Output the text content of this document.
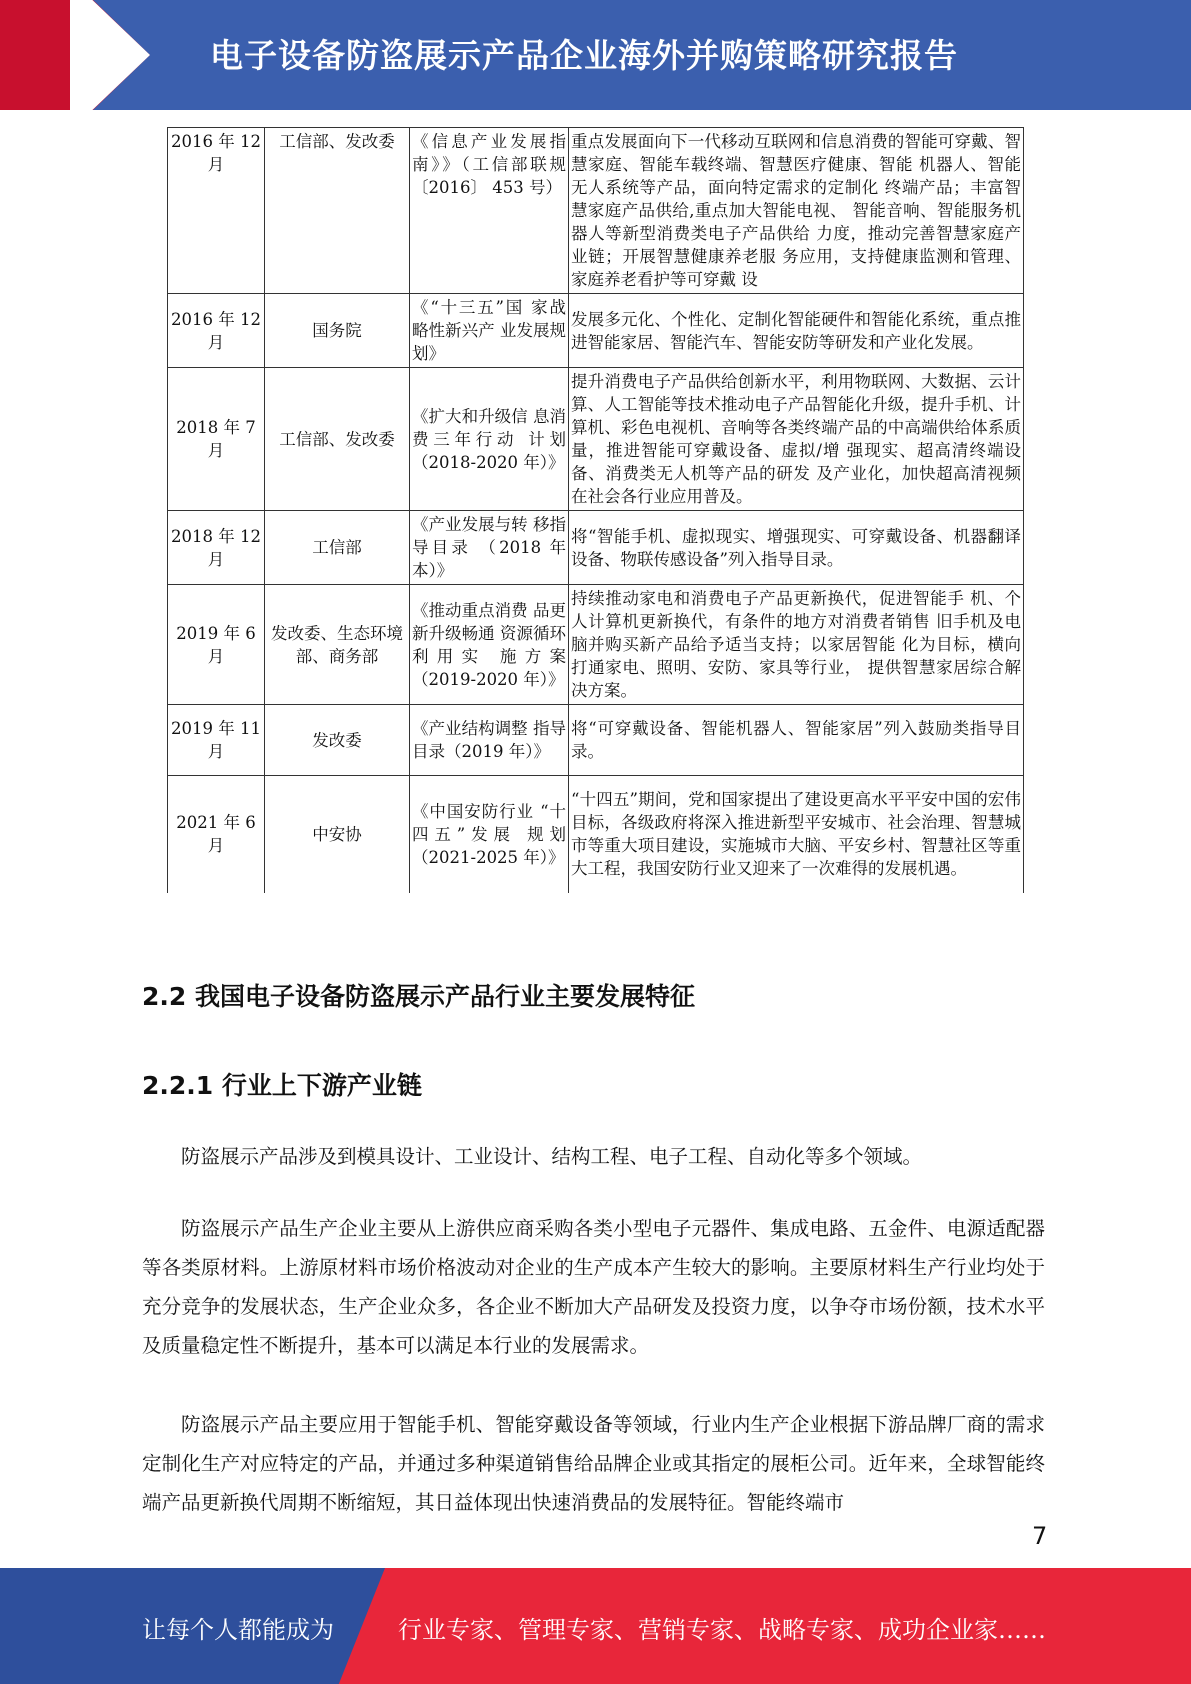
电子设备防盗展示产品企业海外并购策略研究报告
2016 年 12 月	工信部、发改委	《信息产业发展指南》》（工信部联规〔2016〕 453 号）	重点发展面向下一代移动互联网和信息消费的智能可穿戴、智慧家庭、智能车载终端、智慧医疗健康、智能 机器人、智能无人系统等产品，面向特定需求的定制化 终端产品；丰富智慧家庭产品供给,重点加大智能电视、 智能音响、智能服务机器人等新型消费类电子产品供给 力度，推动完善智慧家庭产业链；开展智慧健康养老服 务应用，支持健康监测和管理、家庭养老看护等可穿戴 设
2016 年 12 月	国务院	《“十三五”国 家战略性新兴产 业发展规划》	发展多元化、个性化、定制化智能硬件和智能化系统，重点推进智能家居、智能汽车、智能安防等研发和产业化发展。
2018 年 7 月	工信部、发改委	《扩大和升级信 息消费三年行动 计划（2018-2020 年）》	提升消费电子产品供给创新水平，利用物联网、大数据、云计算、人工智能等技术推动电子产品智能化升级，提升手机、计算机、彩色电视机、音响等各类终端产品的中高端供给体系质量，推进智能可穿戴设备、虚拟/增 强现实、超高清终端设备、消费类无人机等产品的研发 及产业化，加快超高清视频在社会各行业应用普及。
2018 年 12 月	工信部	《产业发展与转 移指导目录 （2018 年本）》	将“智能手机、虚拟现实、增强现实、可穿戴设备、机器翻译设备、物联传感设备”列入指导目录。
2019 年 6 月	发改委、生态环境部、商务部	《推动重点消费 品更新升级畅通 资源循环利用实 施方案（2019-2020 年）》	持续推动家电和消费电子产品更新换代，促进智能手 机、个人计算机更新换代，有条件的地方对消费者销售 旧手机及电脑并购买新产品给予适当支持；以家居智能 化为目标，横向打通家电、照明、安防、家具等行业， 提供智慧家居综合解决方案。
2019 年 11 月	发改委	《产业结构调整 指导目录（2019 年）》	将“可穿戴设备、智能机器人、智能家居”列入鼓励类指导目录。
2021 年 6 月	中安协	《中国安防行业 “十四五”发展 规划（2021-2025 年）》	“十四五”期间，党和国家提出了建设更高水平平安中国的宏伟目标，各级政府将深入推进新型平安城市、社会治理、智慧城市等重大项目建设，实施城市大脑、平安乡村、智慧社区等重大工程，我国安防行业又迎来了一次难得的发展机遇。
2.2 我国电子设备防盗展示产品行业主要发展特征
2.2.1 行业上下游产业链

防盗展示产品涉及到模具设计、工业设计、结构工程、电子工程、自动化等多个领域。

防盗展示产品生产企业主要从上游供应商采购各类小型电子元器件、集成电路、五金件、电源适配器等各类原材料。上游原材料市场价格波动对企业的生产成本产生较大的影响。主要原材料生产行业均处于充分竞争的发展状态，生产企业众多，各企业不断加大产品研发及投资力度，以争夺市场份额，技术水平及质量稳定性不断提升，基本可以满足本行业的发展需求。

防盗展示产品主要应用于智能手机、智能穿戴设备等领域，行业内生产企业根据下游品牌厂商的需求定制化生产对应特定的产品，并通过多种渠道销售给品牌企业或其指定的展柜公司。近年来，全球智能终端产品更新换代周期不断缩短，其日益体现出快速消费品的发展特征。智能终端市

7
让每个人都能成为	行业专家、管理专家、营销专家、战略专家、成功企业家……
